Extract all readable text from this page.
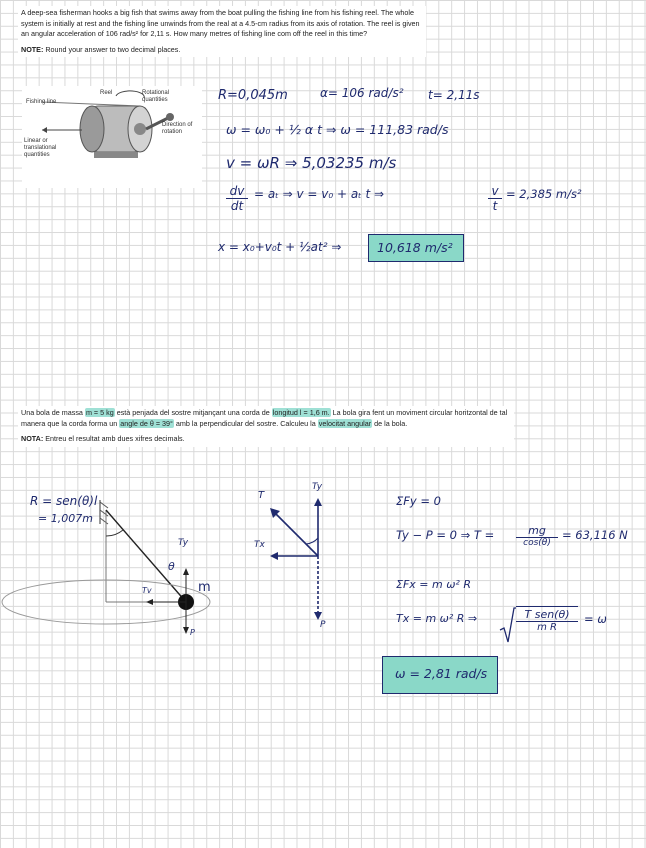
A deep-sea fisherman hooks a big fish that swims away from the boat pulling the fishing line from his fishing reel. The whole system is initially at rest and the fishing line unwinds from the real at a 4.5-cm radius from its axis of rotation. The reel is given an angular acceleration of 106 rad/s² for 2,11 s. How many metres of fishing line com off the reel in this time?

NOTE: Round your answer to two decimal places.

Reel
Fishing line
Rotational quantities
Direction of rotation
Linear or translational quantities
R=0,045m	α= 106 rad/s² t= 2,11s
ω = ω₀ + ½ α t ⇒ ω = 111,83 rad/s
v = ωR ⇒ 5,03235 m/s
$\frac{dv}{dt} = a_t$ ⇒ v = v₀ + aₜ t ⇒	$\frac{v}{t} = 2,385$ m/s²
x = x₀+v₀t + ½at² ⇒	10,618 m/s²

Una bola de massa m = 5 kg està penjada del sostre mitjançant una corda de longitud l = 1,6 m. La bola gira fent un moviment circular horitzontal de tal manera que la corda forma un angle de θ = 39° amb la perpendicular del sostre. Calculeu la velocitat angular de la bola.

NOTA: Entreu el resultat amb dues xifres decimals.

m
θ
Ty
Tv
P
R = sen(θ)l
= 1,007m
T
Ty
Tx
P
ΣFy = 0
Ty − P = 0 ⇒ T =	mg
cos(θ)
= 63,116 N
ΣFx = m ω² R
Tx = m ω² R ⇒	T sen(θ)
m R
= ω
ω = 2,81 rad/s
